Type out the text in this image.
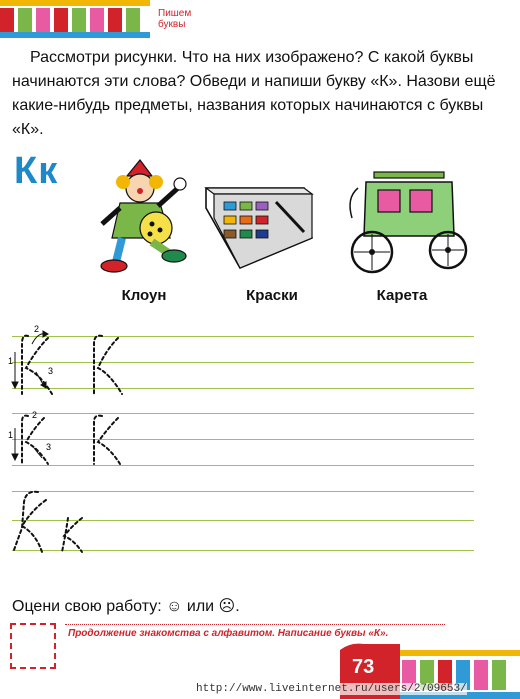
Пишем буквы
Рассмотри рисунки. Что на них изображено? С какой буквы начинаются эти слова? Обведи и напиши букву «К». Назови ещё какие-нибудь предметы, названия которых начинаются с буквы «К».
Кк
Клоун	Краски	Карета
1
2
3
1
2
3
Оцени свою работу: ☺ или ☹.
Продолжение знакомства с алфавитом. Написание буквы «К».
73
http://www.liveinternet.ru/users/2709653/
